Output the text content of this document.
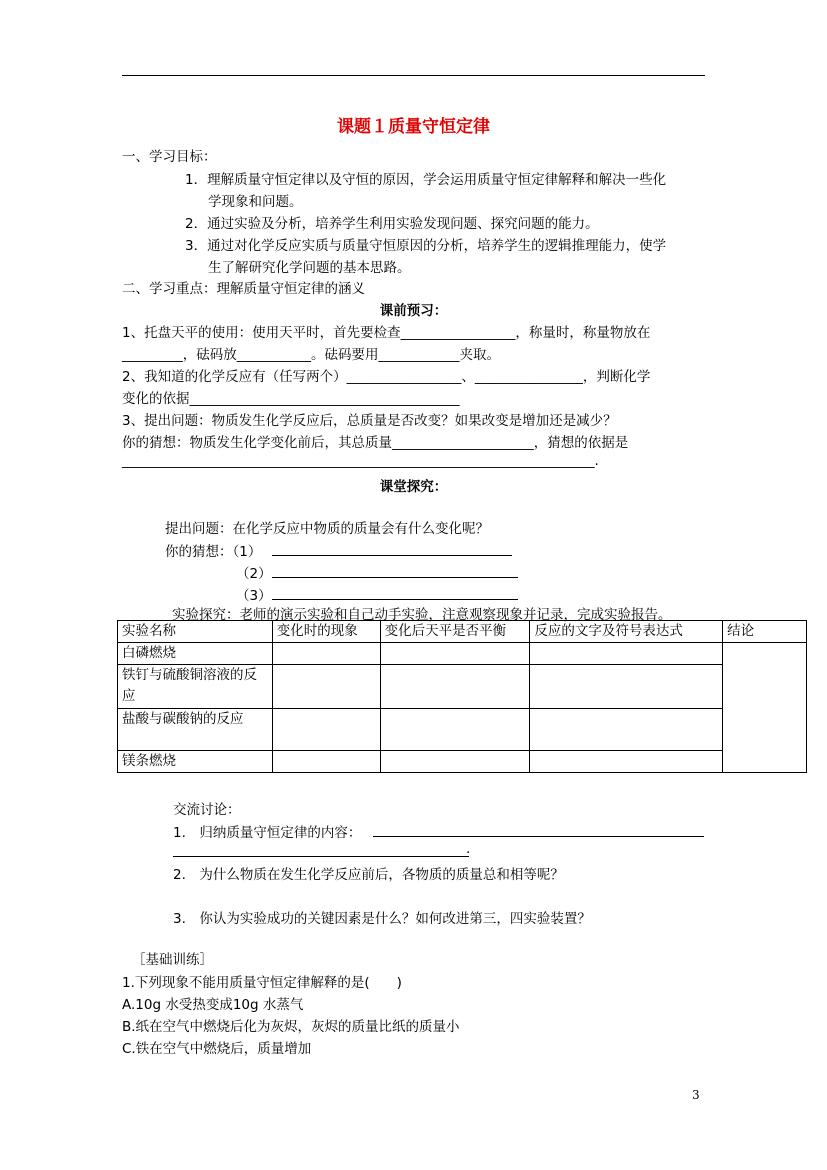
课题１质量守恒定律
一、学习目标：
1．理解质量守恒定律以及守恒的原因，学会运用质量守恒定律解释和解决一些化
学现象和问题。
2．通过实验及分析，培养学生利用实验发现问题、探究问题的能力。
3．通过对化学反应实质与质量守恒原因的分析，培养学生的逻辑推理能力，使学
生了解研究化学问题的基本思路。
二、学习重点：理解质量守恒定律的涵义
课前预习：
1、托盘天平的使用：使用天平时，首先要检查_________________，称量时，称量物放在
_________，砝码放___________。砝码要用____________夹取。
2、我知道的化学反应有（任写两个）_________________、________________，判断化学
变化的依据________________________________________
3、提出问题：物质发生化学反应后，总质量是否改变？如果改变是增加还是减少？
你的猜想：物质发生化学变化前后，其总质量_____________________，猜想的依据是
______________________________________________________________________.
课堂探究：
提出问题：在化学反应中物质的质量会有什么变化呢？
你的猜想：（1）
（2）
（3）
实验探究：老师的演示实验和自己动手实验，注意观察现象并记录，完成实验报告。
实验名称	变化时的现象	变化后天平是否平衡	反应的文字及符号表达式	结论
白磷燃烧				
铁钉与硫酸铜溶液的反应				
盐酸与碳酸钠的反应				
镁条燃烧				
交流讨论：
1.　归纳质量守恒定律的内容：
.
2.　为什么物质在发生化学反应前后，各物质的质量总和相等呢？
3.　你认为实验成功的关键因素是什么？如何改进第三，四实验装置？
［基础训练］
1.下列现象不能用质量守恒定律解释的是(　　)
A.10g 水受热变成10g 水蒸气
B.纸在空气中燃烧后化为灰烬，灰烬的质量比纸的质量小
C.铁在空气中燃烧后，质量增加
3
